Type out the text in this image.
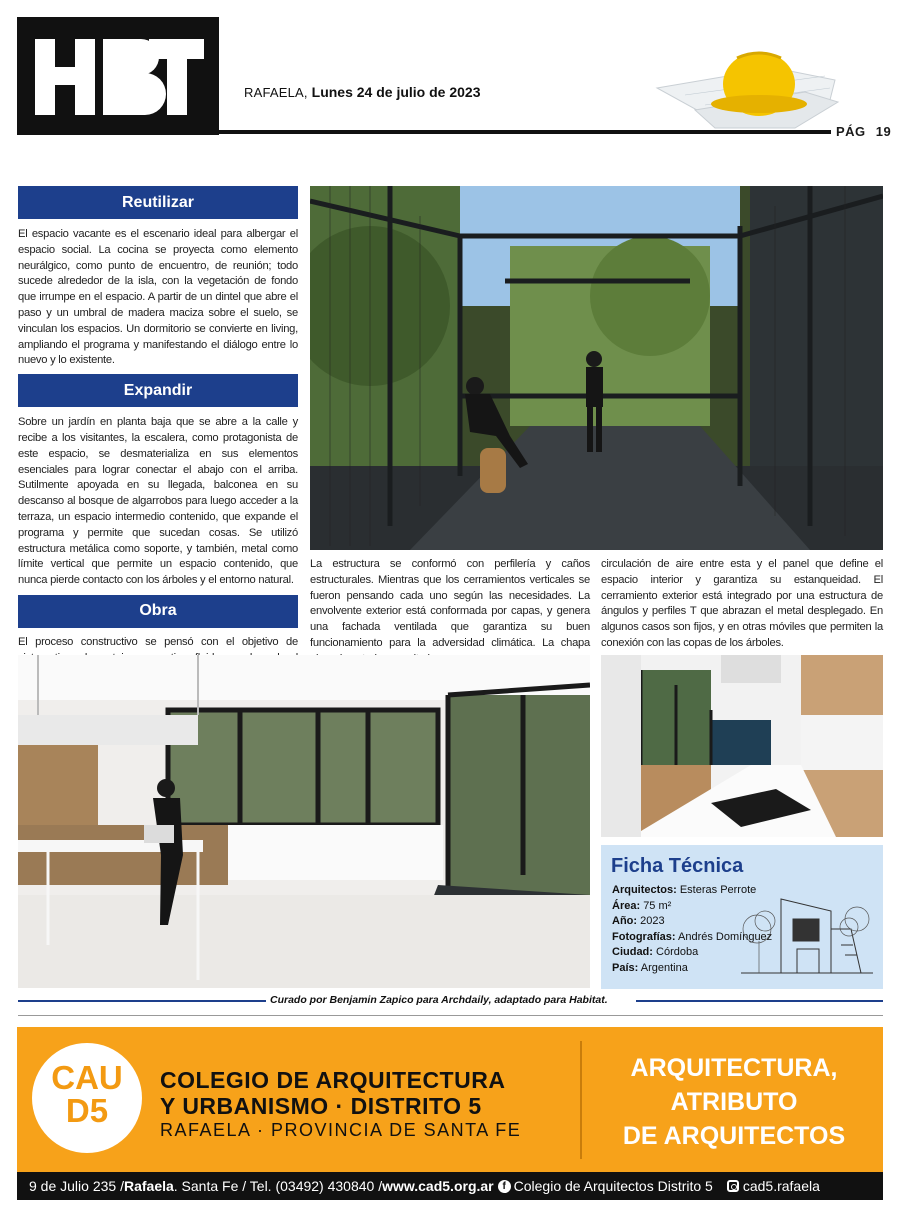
RAFAELA, Lunes 24 de julio de 2023
PÁG 19
Reutilizar

El espacio vacante es el escenario ideal para albergar el espacio social. La cocina se proyecta como elemento neurálgico, como punto de encuentro, de reunión; todo sucede alrededor de la isla, con la vegetación de fondo que irrumpe en el espacio. A partir de un dintel que abre el paso y un umbral de madera maciza sobre el suelo, se vinculan los espacios. Un dormitorio se convierte en living, ampliando el programa y manifestando el diálogo entre lo nuevo y lo existente.

Expandir

Sobre un jardín en planta baja que se abre a la calle y recibe a los visitantes, la escalera, como protagonista de este espacio, se desmaterializa en sus elementos esenciales para lograr conectar el abajo con el arriba. Sutilmente apoyada en su llegada, balconea en su descanso al bosque de algarrobos para luego acceder a la terraza, un espacio intermedio contenido, que expande el programa y permite que sucedan cosas. Se utilizó estructura metálica como soporte, y también, metal como límite vertical que permite un espacio contenido, que nunca pierde contacto con los árboles y el entorno natural.

Obra

El proceso constructivo se pensó con el objetivo de

La estructura se conformó con perfilería y caños estructurales. Mientras que los cerramientos verticales se fueron pensando cada uno según las necesidades. La envolvente exterior está conformada por capas, y genera una fachada ventilada que garantiza su buen funcionamiento para la adversidad climática. La chapa

circulación de aire entre esta y el panel que define el espacio interior y garantiza su estanqueidad. El cerramiento exterior está integrado por una estructura de ángulos y perfiles T que abrazan el metal desplegado. En algunos casos son fijos, y en otras móviles que permiten la conexión con las copas de los árboles.

Ficha Técnica
Arquitectos: Esteras Perrote
Área: 75 m²
Año: 2023
Fotografías: Andrés Domínguez
Ciudad: Córdoba
País: Argentina
Curado por Benjamin Zapico para Archdaily, adaptado para Habitat.
CAU
D5
COLEGIO DE ARQUITECTURA
Y URBANISMO · DISTRITO 5
RAFAELA · PROVINCIA DE SANTA FE
ARQUITECTURA,
ATRIBUTO
DE ARQUITECTOS
9 de Julio 235 / Rafaela . Santa Fe / Tel. (03492) 430840 / www.cad5.org.ar f Colegio de Arquitectos Distrito 5 cad5.rafaela
